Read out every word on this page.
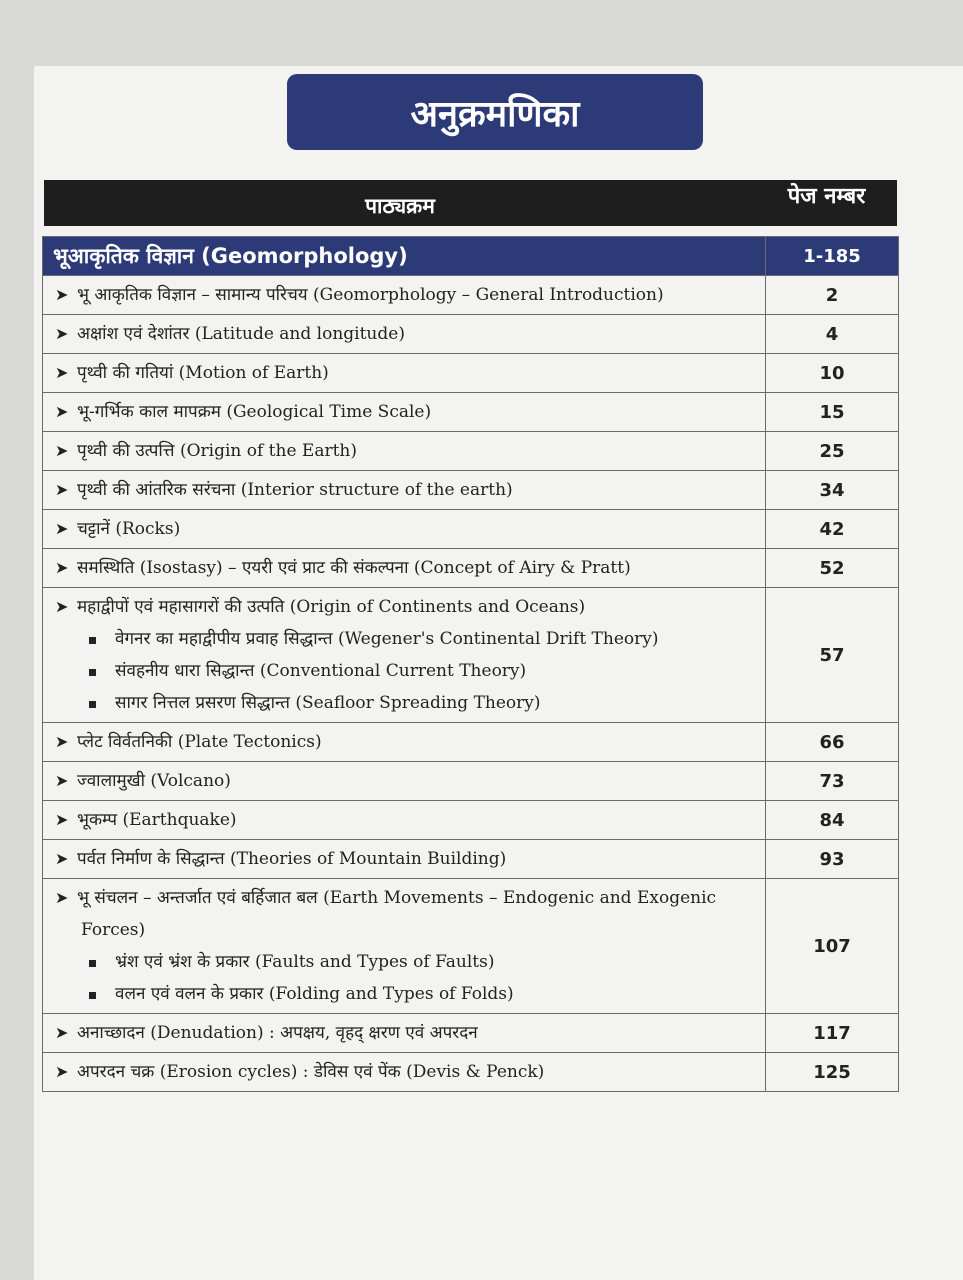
अनुक्रमणिका
पाठ्यक्रम	पेज नम्बर
भूआकृतिक विज्ञान (Geomorphology)	1-185

➤ भू आकृतिक विज्ञान – सामान्य परिचय (Geomorphology – General Introduction)	2

➤ अक्षांश एवं देशांतर (Latitude and longitude)	4

➤ पृथ्वी की गतियां (Motion of Earth)	10

➤ भू-गर्भिक काल मापक्रम (Geological Time Scale)	15

➤ पृथ्वी की उत्पत्ति (Origin of the Earth)	25

➤ पृथ्वी की आंतरिक सरंचना (Interior structure of the earth)	34

➤ चट्टानें (Rocks)	42

➤ समस्थिति (Isostasy) – एयरी एवं प्राट की संकल्पना (Concept of Airy & Pratt)	52

➤ महाद्वीपों एवं महासागरों की उत्पति (Origin of Continents and Oceans)
वेगनर का महाद्वीपीय प्रवाह सिद्धान्त (Wegener's Continental Drift Theory)
संवहनीय धारा सिद्धान्त (Conventional Current Theory)
सागर नित्तल प्रसरण सिद्धान्त (Seafloor Spreading Theory)	57

➤ प्लेट विर्वतनिकी (Plate Tectonics)	66

➤ ज्वालामुखी (Volcano)	73

➤ भूकम्प (Earthquake)	84

➤ पर्वत निर्माण के सिद्धान्त (Theories of Mountain Building)	93

➤ भू संचलन – अन्तर्जात एवं बर्हिजात बल (Earth Movements – Endogenic and Exogenic Forces)
भ्रंश एवं भ्रंश के प्रकार (Faults and Types of Faults)
वलन एवं वलन के प्रकार (Folding and Types of Folds)	107

➤ अनाच्छादन (Denudation) : अपक्षय, वृहद् क्षरण एवं अपरदन	117

➤ अपरदन चक्र (Erosion cycles) : डेविस एवं पेंक (Devis & Penck)	125
